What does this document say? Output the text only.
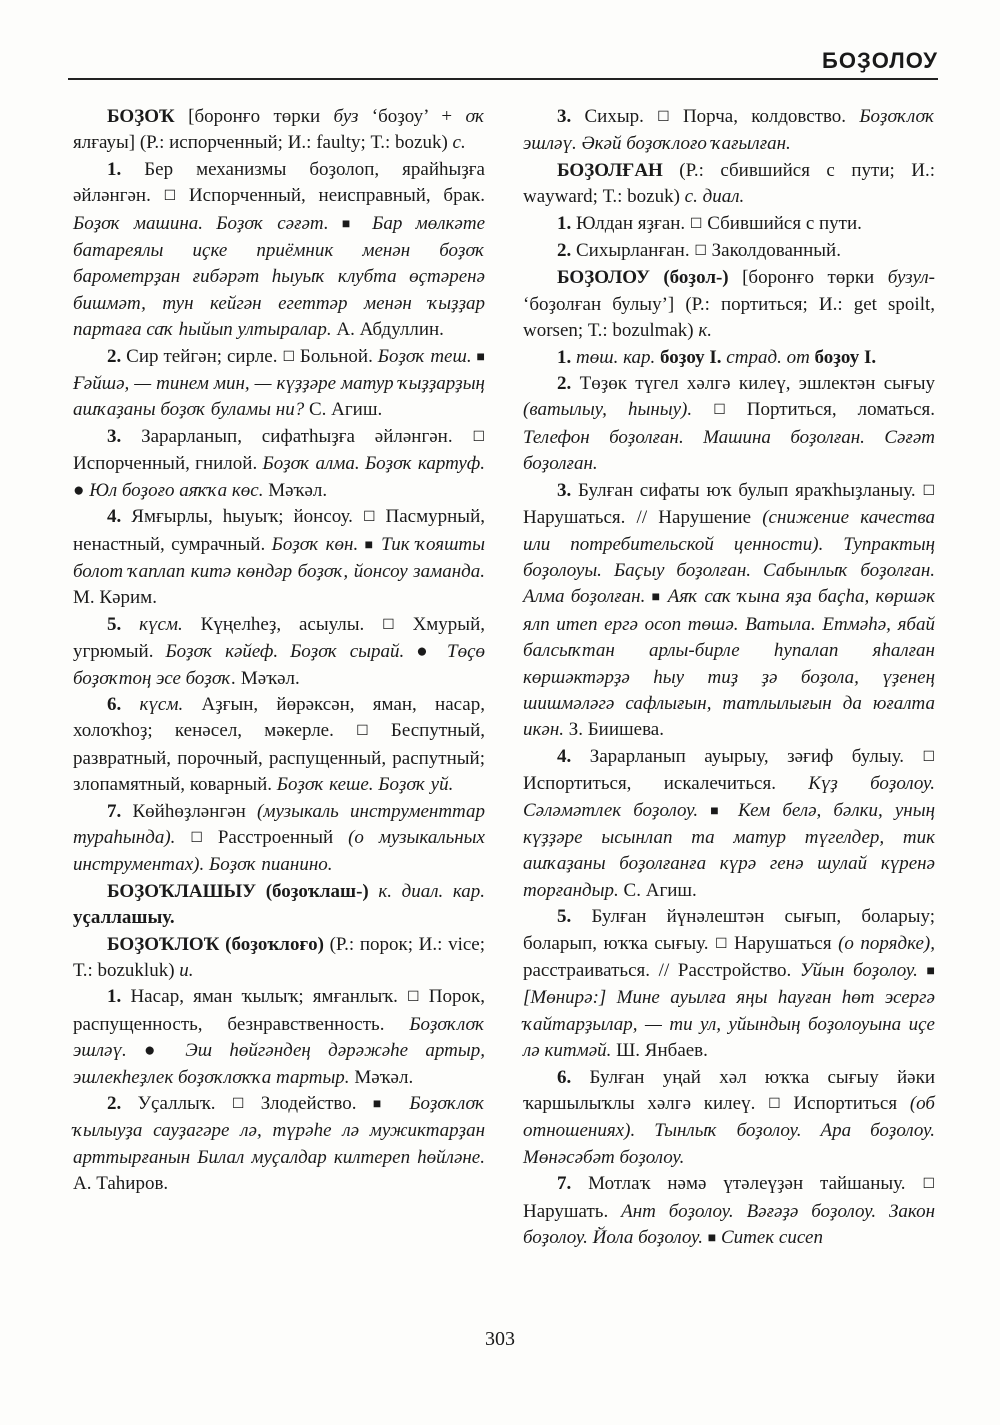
БОҘОЛОУ

БОҘОҠ [боронғо төрки буз ‘боҙоу’ + оҡ ялғауы] (Р.: испорченный; И.: faulty; Т.: bozuk) с.

1. Бер механизмы боҙолоп, ярайһыҙға әйләнгән. ☐ Испорченный, неисправный, брак. Боҙоҡ машина. Боҙоҡ сәғәт. ■ Бар мөлкәте батареялы иҫке приёмник менән боҙоҡ барометрҙан ғибәрәт һыуыҡ клубта өҫтәренә бишмәт, тун кейгән егеттәр менән ҡыҙҙар партаға саҡ һыйып ултыралар. А. Абдуллин.

2. Сир тейгән; сирле. ☐ Больной. Боҙоҡ теш. ■ Ғәйшә, — тинем мин, — күҙҙәре матур ҡыҙҙарҙың ашҡаҙаны боҙоҡ буламы ни? С. Агиш.

3. Зарарланып, сифатһыҙға әйләнгән. ☐ Испорченный, гнилой. Боҙоҡ алма. Боҙоҡ картуф. ● Юл боҙоғо аяҡҡа көс. Мәҡәл.

4. Ямғырлы, һыуыҡ; йонсоу. ☐ Пасмурный, ненастный, сумрачный. Боҙоҡ көн. ■ Тик ҡояшты болот ҡаплап китә көндәр боҙоҡ, йонсоу заманда. М. Кәрим.

5. күсм. Күңелһеҙ, асыулы. ☐ Хмурый, угрюмый. Боҙоҡ кәйеф. Боҙоҡ сырай. ● Төҫө боҙоҡтоң эсе боҙоҡ. Мәҡәл.

6. күсм. Аҙғын, йөрәксән, яман, насар, холоҡһоҙ; кенәсел, мәкерле. ☐ Беспутный, развратный, порочный, распущенный, распутный; злопамятный, коварный. Боҙоҡ кеше. Боҙоҡ уй.

7. Көйһөҙләнгән (музыкаль инструменттар тураһында). ☐ Расстроенный (о музыкальных инструментах). Боҙоҡ пианино.

БОҘОҠЛАШЫУ (боҙоҡлаш-) к. диал. кар. уҫаллашыу.

БОҘОҠЛОҠ (боҙоҡлоғо) (Р.: порок; И.: vice; Т.: bozukluk) и.

1. Насар, яман ҡылыҡ; ямғанлыҡ. ☐ Порок, распущенность, безнравственность. Боҙоҡлоҡ эшләү. ● Эш һөйгәндең дәрәжәһе артыр, эшлекһеҙлек боҙоҡлоҡҡа тартыр. Мәҡәл.

2. Уҫаллыҡ. ☐ Злодейство. ■ Боҙоҡлоҡ ҡылыуҙа сауҙагәре лә, түрәһе лә мужиктарҙан арттырғанын Билал муҫалдар килтереп һөйләне. А. Таһиров.

3. Сихыр. ☐ Порча, колдовство. Боҙоҡлоҡ эшләү. Әкәй боҙоҡлоғо ҡағылған.

БОҘОЛҒАН (Р.: сбившийся с пути; И.: wayward; Т.: bozuk) с. диал.

1. Юлдан яҙған. ☐ Сбившийся с пути.

2. Сихырланған. ☐ Заколдованный.

БОҘОЛОУ (боҙол-) [боронғо төрки бузул- ‘боҙолған булыу’] (Р.: портиться; И.: get spoilt, worsen; Т.: bozulmak) к.

1. төш. кар. боҙоу I. страд. от боҙоу I.

2. Төҙөк түгел хәлгә килеү, эшлектән сығыу (ватылыу, һыныу). ☐ Портиться, ломаться. Телефон боҙолған. Машина боҙолған. Сәғәт боҙолған.

3. Булған сифаты юҡ булып яраҡһыҙланыу. ☐ Нарушаться. // Нарушение (снижение качества или потребительской ценности). Тупрактың боҙолоуы. Баҫыу боҙолған. Сабынлыҡ боҙолған. Алма боҙолған. ■ Аяҡ саҡ ҡына яҙа баҫһа, көршәк ялп итеп ергә осоп төшә. Ватыла. Етмәһә, ябай балсыҡтан арлы-бирле һупалап яһалған көршәктәрҙә һыу тиҙ ҙә боҙола, үҙенең шишмәләгә сафлығын, татлылығын да юғалта икән. З. Биишева.

4. Зарарланып ауырыу, зәғиф булыу. ☐ Испортиться, искалечиться. Күҙ боҙолоу. Сәләмәтлек боҙолоу. ■ Кем белә, бәлки, уның күҙҙәре ысынлап та матур түгелдер, тик ашҡаҙаны боҙолғанға күрә генә шулай күренә торғандыр. С. Агиш.

5. Булған йүнәлештән сығып, боларыу; боларып, юҡҡа сығыу. ☐ Нарушаться (о порядке), расстраиваться. // Расстройство. Уйын боҙолоу. ■ [Мөнирә:] Мине ауылға яңы һауған һөт эсергә ҡайтарҙылар, — ти ул, уйындың боҙолоуына иҫе лә китмәй. Ш. Янбаев.

6. Булған уңай хәл юҡҡа сығыу йәки ҡаршылыҡлы хәлгә килеү. ☐ Испортиться (об отношениях). Тынлыҡ боҙолоу. Ара боҙолоу. Мөнәсәбәт боҙолоу.

7. Мотлаҡ нәмә үтәлеүҙән тайшаныу. ☐ Нарушать. Ант боҙолоу. Вәғәҙә боҙолоу. Закон боҙолоу. Йола боҙолоу. ■ Ситек сисеп

303
